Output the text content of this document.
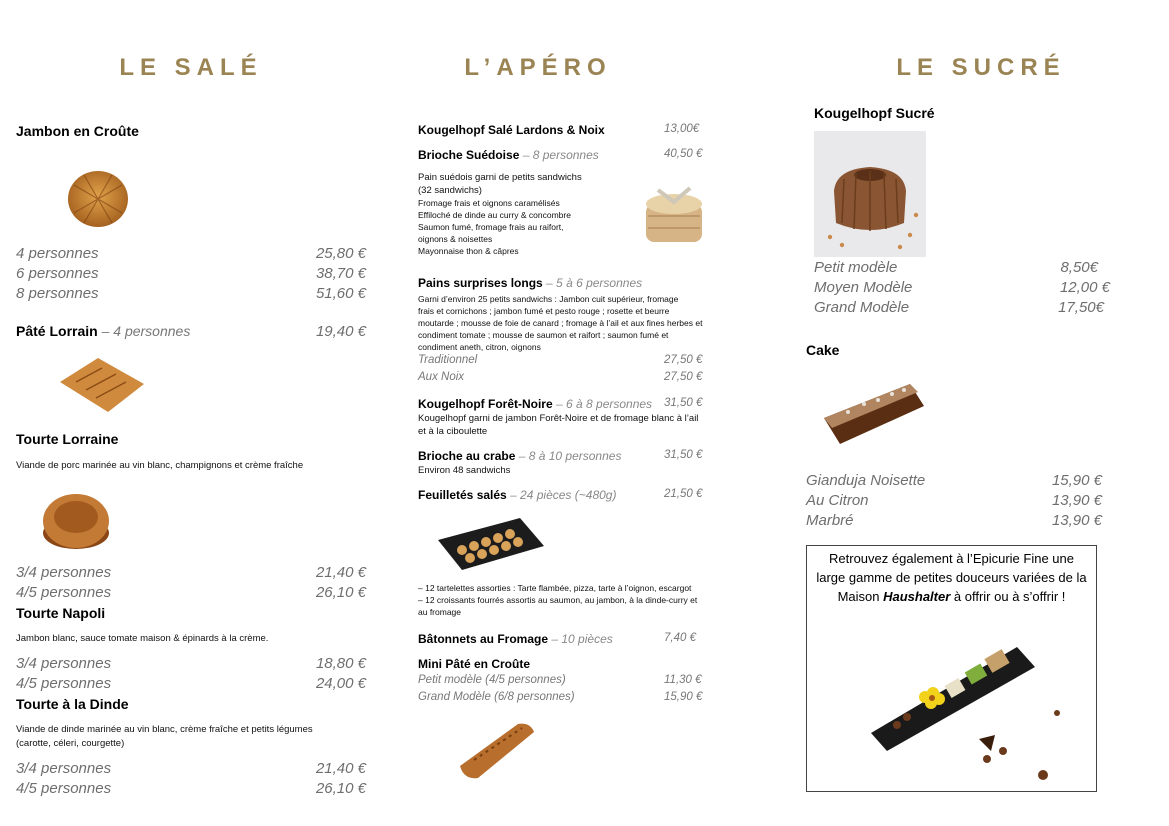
LE SALÉ
Jambon en Croûte
4 personnes	25,80 €
6 personnes	38,70 €
8 personnes	51,60 €
Pâté Lorrain – 4 personnes	19,40 €
Tourte Lorraine
Viande de porc marinée au vin blanc, champignons et crème fraîche
3/4 personnes	21,40 €
4/5 personnes	26,10 €
Tourte Napoli
Jambon blanc, sauce tomate maison & épinards à la crème.
3/4 personnes	18,80 €
4/5 personnes	24,00 €
Tourte à la Dinde
Viande de dinde marinée au vin blanc, crème fraîche et petits légumes
(carotte, céleri, courgette)
3/4 personnes	21,40 €
4/5 personnes	26,10 €
L’APÉRO
Kougelhopf Salé Lardons & Noix	13,00€
Brioche Suédoise – 8 personnes	40,50 €
Pain suédois garni de petits sandwichs
(32 sandwichs)
Fromage frais et oignons caramélisés
Effiloché de dinde au curry & concombre
Saumon fumé, fromage frais au raifort,
oignons & noisettes
Mayonnaise thon & câpres
Pains surprises longs – 5 à 6 personnes
Garni d’environ 25 petits sandwichs : Jambon cuit supérieur, fromage
frais et cornichons ; jambon fumé et pesto rouge ; rosette et beurre
moutarde ; mousse de foie de canard ; fromage à l’ail et aux fines herbes et
condiment tomate ; mousse de saumon et raifort ; saumon fumé et
condiment aneth, citron, oignons
Traditionnel	27,50 €
Aux Noix	27,50 €
Kougelhopf Forêt-Noire – 6 à 8 personnes 31,50 €
Kougelhopf garni de jambon Forêt-Noire et de fromage blanc à l’ail
et à la ciboulette
Brioche au crabe – 8 à 10 personnes	31,50 €
Environ 48 sandwichs
Feuilletés salés – 24 pièces (~480g)	21,50 €
– 12 tartelettes assorties : Tarte flambée, pizza, tarte à l’oignon, escargot
– 12 croissants fourrés assortis au saumon, au jambon, à la dinde-curry et
au fromage
Bâtonnets au Fromage – 10 pièces	7,40 €
Mini Pâté en Croûte
Petit modèle (4/5 personnes)	11,30 €
Grand Modèle (6/8 personnes)	15,90 €
LE SUCRÉ
Kougelhopf Sucré
Petit modèle	8,50€
Moyen Modèle	12,00 €
Grand Modèle	17,50€
Cake
Gianduja Noisette	15,90 €
Au Citron	13,90 €
Marbré	13,90 €

Retrouvez également à l’Epicurie Fine une large gamme de petites douceurs variées de la Maison Haushalter à offrir ou à s’offrir !
